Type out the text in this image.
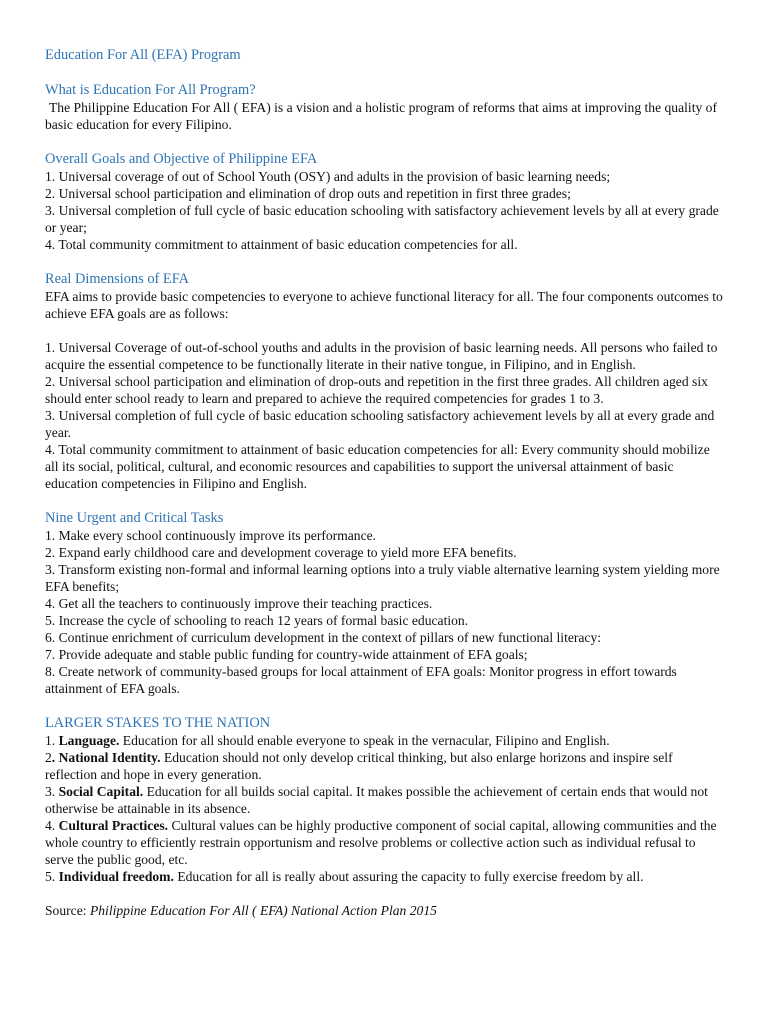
Education For All (EFA) Program
What is Education For All Program?

The Philippine Education For All ( EFA) is a vision and a holistic program of reforms that aims at improving the quality of basic education for every Filipino.

Overall Goals and Objective of Philippine EFA

1. Universal coverage of out of School Youth (OSY) and adults in the provision of basic learning needs;

2. Universal school participation and elimination of drop outs and repetition in first three grades;

3. Universal completion of full cycle of basic education schooling with satisfactory achievement levels by all at every grade or year;

4. Total community commitment to attainment of basic education competencies for all.

Real Dimensions of EFA

EFA aims to provide basic competencies to everyone to achieve functional literacy for all. The four components outcomes to achieve EFA goals are as follows:

1. Universal Coverage of out-of-school youths and adults in the provision of basic learning needs. All persons who failed to acquire the essential competence to be functionally literate in their native tongue, in Filipino, and in English.

2. Universal school participation and elimination of drop-outs and repetition in the first three grades. All children aged six should enter school ready to learn and prepared to achieve the required competencies for grades 1 to 3.

3. Universal completion of full cycle of basic education schooling satisfactory achievement levels by all at every grade and year.

4. Total community commitment to attainment of basic education competencies for all: Every community should mobilize all its social, political, cultural, and economic resources and capabilities to support the universal attainment of basic education competencies in Filipino and English.

Nine Urgent and Critical Tasks

1. Make every school continuously improve its performance.

2. Expand early childhood care and development coverage to yield more EFA benefits.

3. Transform existing non-formal and informal learning options into a truly viable alternative learning system yielding more EFA benefits;

4. Get all the teachers to continuously improve their teaching practices.

5. Increase the cycle of schooling to reach 12 years of formal basic education.

6. Continue enrichment of curriculum development in the context of pillars of new functional literacy:

7. Provide adequate and stable public funding for country-wide attainment of EFA goals;

8. Create network of community-based groups for local attainment of EFA goals: Monitor progress in effort towards attainment of EFA goals.

LARGER STAKES TO THE NATION

1. Language. Education for all should enable everyone to speak in the vernacular, Filipino and English.

2. National Identity. Education should not only develop critical thinking, but also enlarge horizons and inspire self reflection and hope in every generation.

3. Social Capital. Education for all builds social capital. It makes possible the achievement of certain ends that would not otherwise be attainable in its absence.

4. Cultural Practices. Cultural values can be highly productive component of social capital, allowing communities and the whole country to efficiently restrain opportunism and resolve problems or collective action such as individual refusal to serve the public good, etc.

5. Individual freedom. Education for all is really about assuring the capacity to fully exercise freedom by all.

Source: Philippine Education For All ( EFA) National Action Plan 2015
